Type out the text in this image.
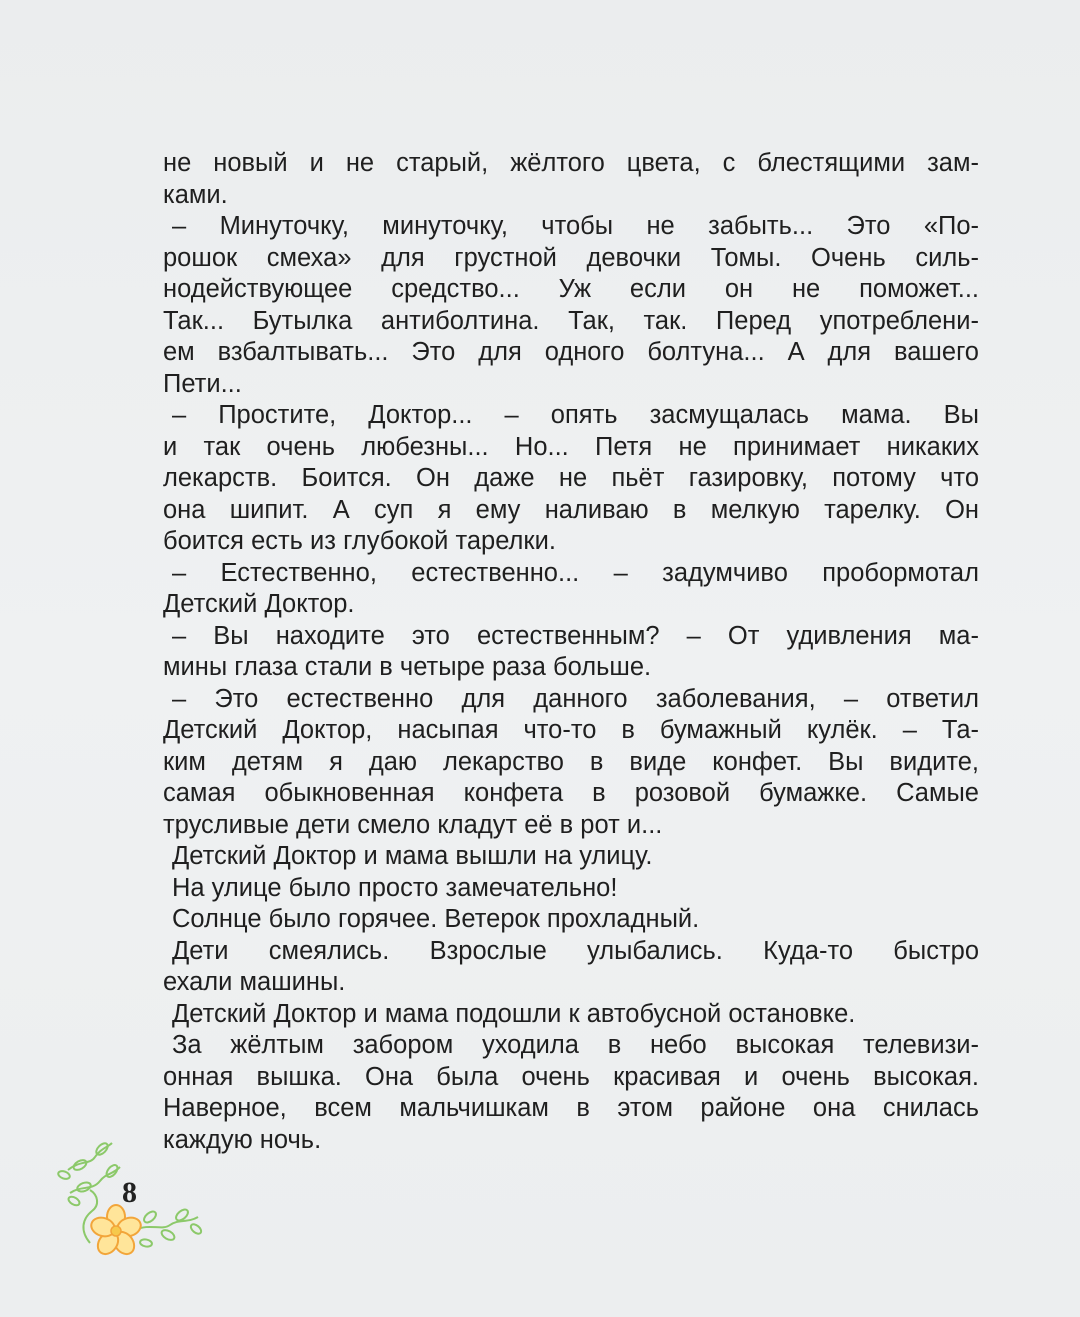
не новый и не старый, жёлтого цвета, с блестящими зам-
ками.
– Минуточку, минуточку, чтобы не забыть... Это «По-
рошок смеха» для грустной девочки Томы. Очень силь-
нодействующее средство... Уж если он не поможет...
Так... Бутылка антиболтина. Так, так. Перед употреблени-
ем взбалтывать... Это для одного болтуна... А для вашего
Пети...
– Простите, Доктор... – опять засмущалась мама. Вы
и так очень любезны... Но... Петя не принимает никаких
лекарств. Боится. Он даже не пьёт газировку, потому что
она шипит. А суп я ему наливаю в мелкую тарелку. Он
боится есть из глубокой тарелки.
– Естественно, естественно... – задумчиво пробормотал
Детский Доктор.
– Вы находите это естественным? – От удивления ма-
мины глаза стали в четыре раза больше.
– Это естественно для данного заболевания, – ответил
Детский Доктор, насыпая что-то в бумажный кулёк. – Та-
ким детям я даю лекарство в виде конфет. Вы видите,
самая обыкновенная конфета в розовой бумажке. Самые
трусливые дети смело кладут её в рот и...
Детский Доктор и мама вышли на улицу.
На улице было просто замечательно!
Солнце было горячее. Ветерок прохладный.
Дети смеялись. Взрослые улыбались. Куда-то быстро
ехали машины.
Детский Доктор и мама подошли к автобусной остановке.
За жёлтым забором уходила в небо высокая телевизи-
онная вышка. Она была очень красивая и очень высокая.
Наверное, всем мальчишкам в этом районе она снилась
каждую ночь.
8
